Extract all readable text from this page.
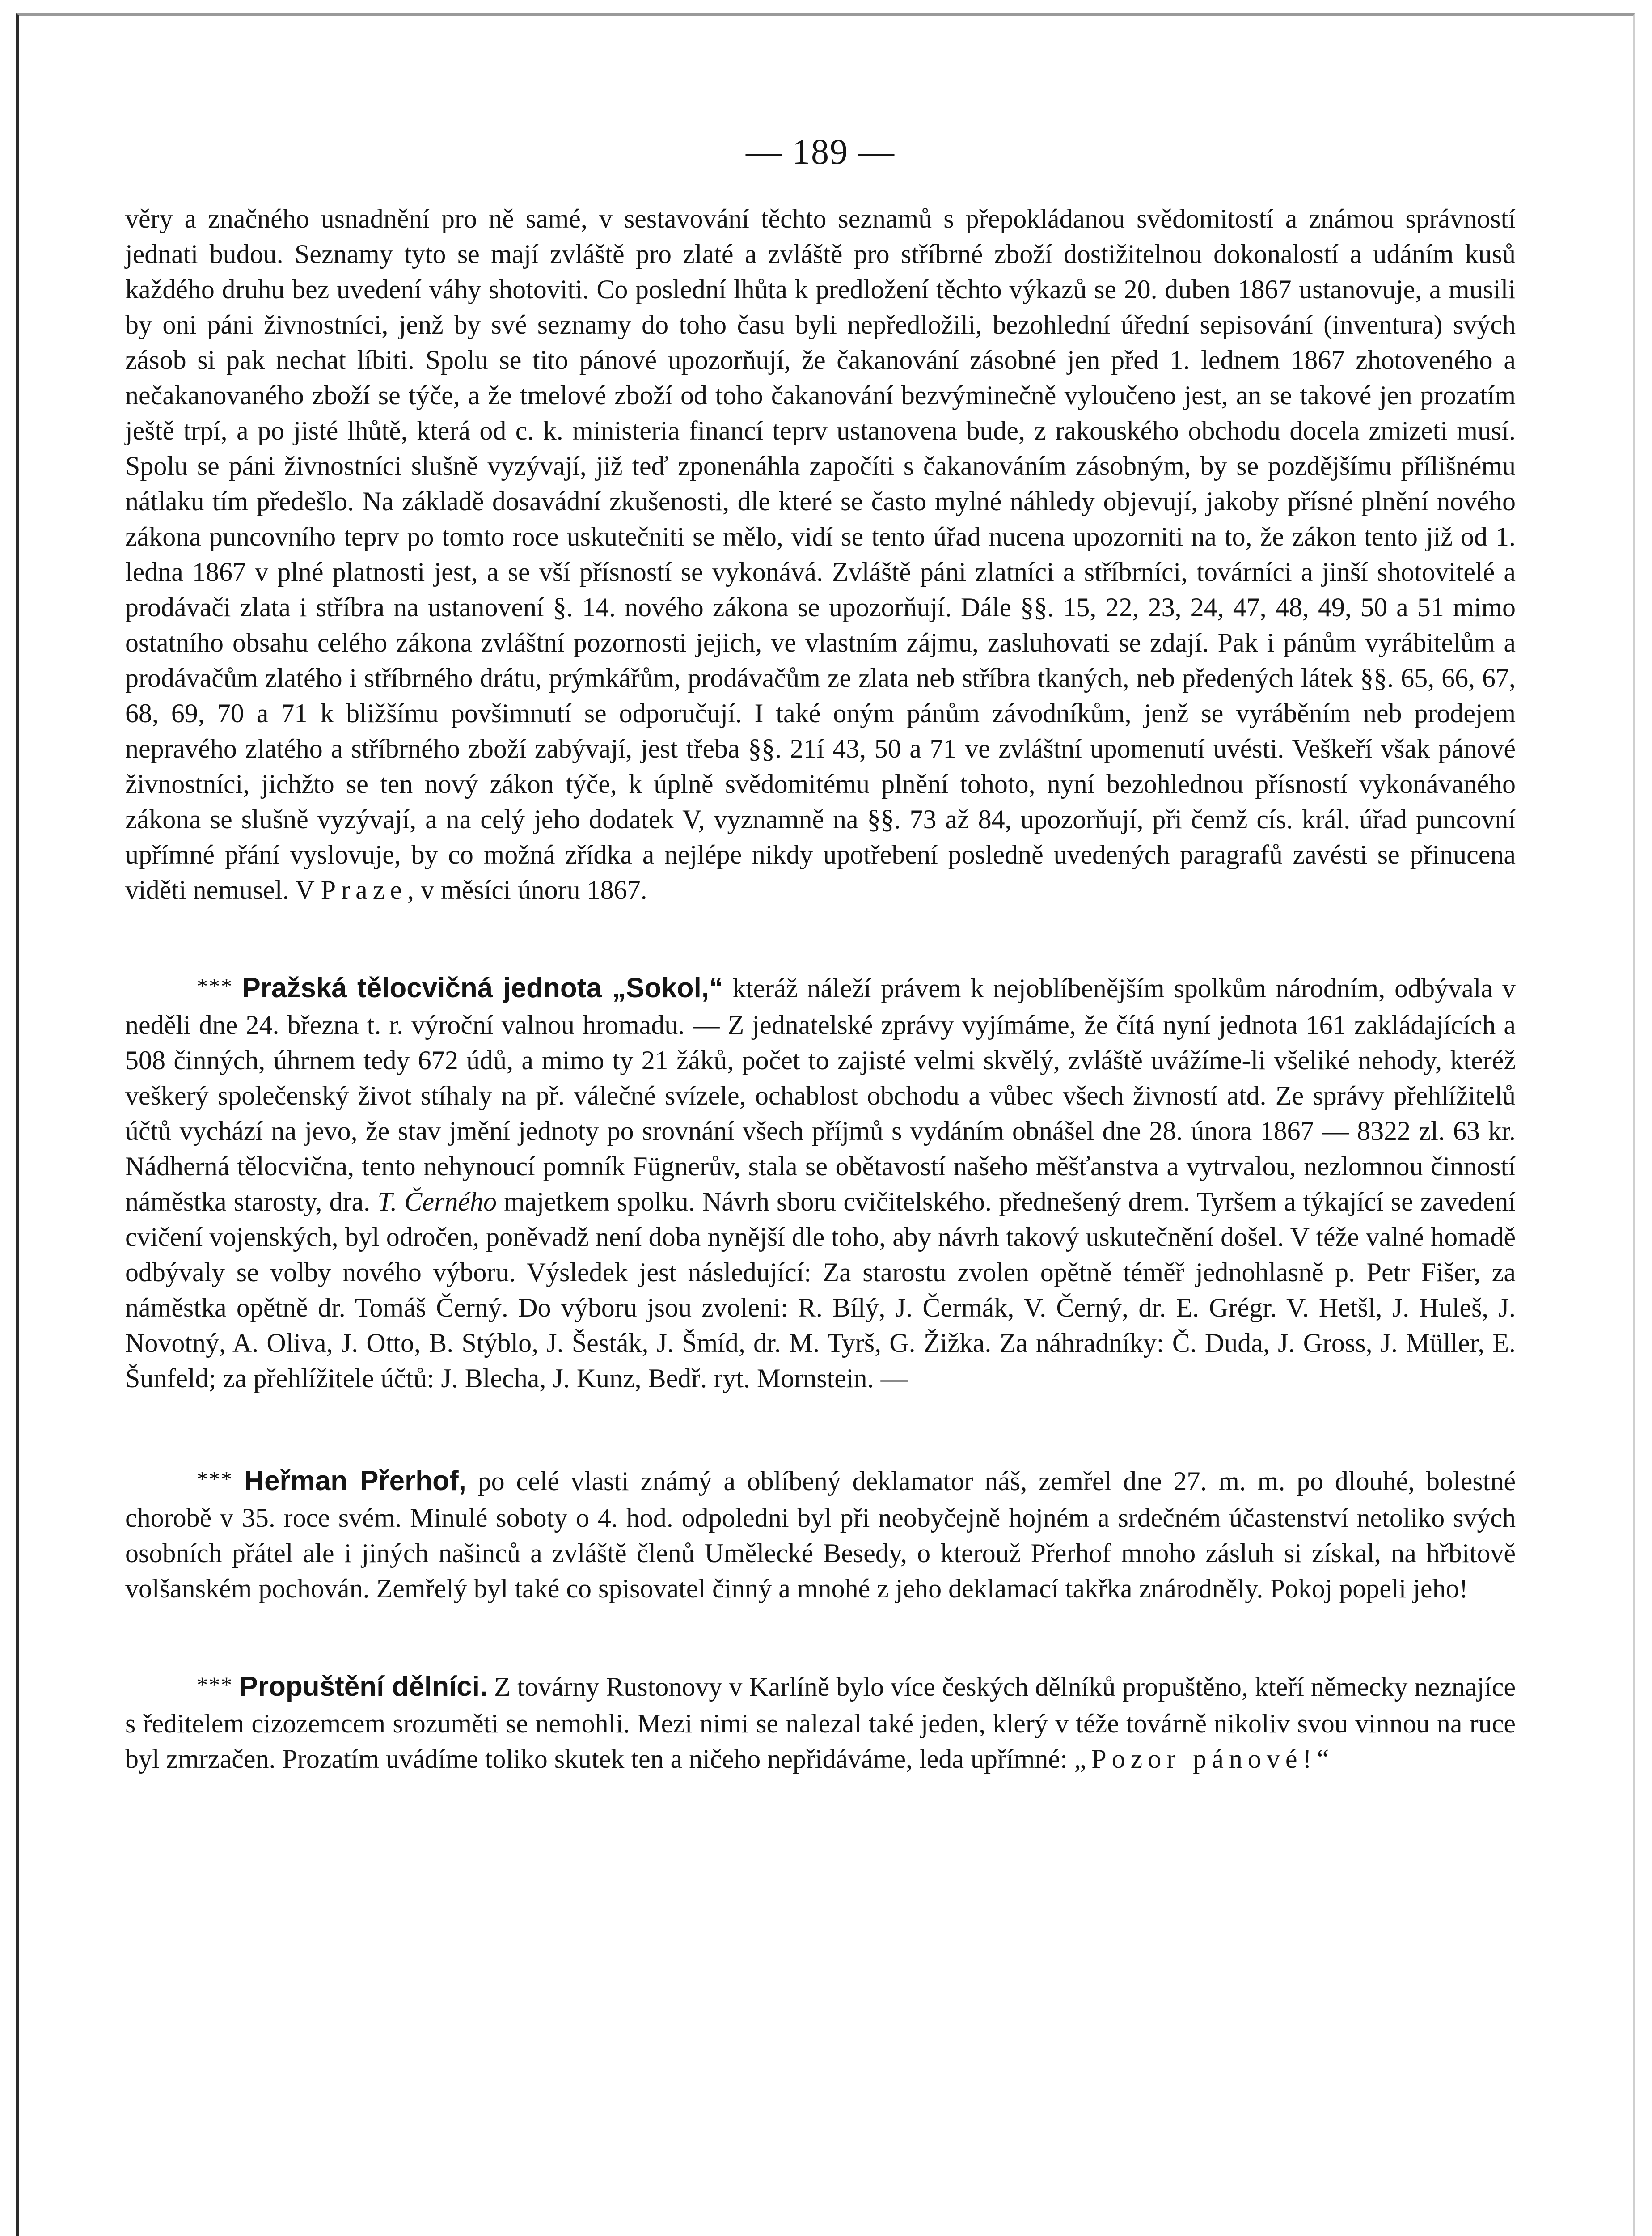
— 189 —

věry a značného usnadnění pro ně samé, v sestavování těchto seznamů s přepokládanou svědomitostí a známou správností jednati budou. Seznamy tyto se mají zvláště pro zlaté a zvláště pro stříbrné zboží dostižitelnou dokonalostí a udáním kusů každého druhu bez uvedení váhy shotoviti. Co poslední lhůta k predložení těchto výkazů se 20. duben 1867 ustanovuje, a musili by oni páni živnostníci, jenž by své seznamy do toho času byli nepředložili, bezohlední úřední sepisování (inventura) svých zásob si pak nechat líbiti. Spolu se tito pánové upozorňují, že čakanování zásobné jen před 1. lednem 1867 zhotoveného a nečakanovaného zboží se týče, a že tmelové zboží od toho čakanování bezvýminečně vyloučeno jest, an se takové jen prozatím ještě trpí, a po jisté lhůtě, která od c. k. ministeria financí teprv ustanovena bude, z rakouského obchodu docela zmizeti musí. Spolu se páni živnostníci slušně vyzývají, již teď zponenáhla započíti s čakanováním zásobným, by se pozdějšímu přílišnému nátlaku tím předešlo. Na základě dosavádní zkušenosti, dle které se často mylné náhledy objevují, jakoby přísné plnění nového zákona puncovního teprv po tomto roce uskutečniti se mělo, vidí se tento úřad nucena upozorniti na to, že zákon tento již od 1. ledna 1867 v plné platnosti jest, a se vší přísností se vykonává. Zvláště páni zlatníci a stříbrníci, továrníci a jinší shotovitelé a prodávači zlata i stříbra na ustanovení §. 14. nového zákona se upozorňují. Dále §§. 15, 22, 23, 24, 47, 48, 49, 50 a 51 mimo ostatního obsahu celého zákona zvláštní pozornosti jejich, ve vlastním zájmu, zasluhovati se zdají. Pak i pánům vyrábitelům a prodávačům zlatého i stříbrného drátu, prýmkářům, prodávačům ze zlata neb stříbra tkaných, neb předených látek §§. 65, 66, 67, 68, 69, 70 a 71 k bližšímu povšimnutí se odporučují. I také oným pánům závodníkům, jenž se vyráběním neb prodejem nepravého zlatého a stříbrného zboží zabývají, jest třeba §§. 21í 43, 50 a 71 ve zvláštní upomenutí uvésti. Veškeří však pánové živnostníci, jichžto se ten nový zákon týče, k úplně svědomitému plnění tohoto, nyní bezohlednou přísností vykonávaného zákona se slušně vyzývají, a na celý jeho dodatek V, vyznamně na §§. 73 až 84, upozorňují, při čemž cís. král. úřad puncovní upřímné přání vyslovuje, by co možná zřídka a nejlépe nikdy upotřebení posledně uvedených paragrafů zavésti se přinucena viděti nemusel. V Praze, v měsíci únoru 1867.

*** Pražská tělocvičná jednota „Sokol,“ kteráž náleží právem k nejoblíbenějším spolkům národním, odbývala v neděli dne 24. března t. r. výroční valnou hromadu. — Z jednatelské zprávy vyjímáme, že čítá nyní jednota 161 zakládajících a 508 činných, úhrnem tedy 672 údů, a mimo ty 21 žáků, počet to zajisté velmi skvělý, zvláště uvážíme-li všeliké nehody, kteréž veškerý společenský život stíhaly na př. válečné svízele, ochablost obchodu a vůbec všech živností atd. Ze správy přehlížitelů účtů vychází na jevo, že stav jmění jednoty po srovnání všech příjmů s vydáním obnášel dne 28. února 1867 — 8322 zl. 63 kr. Nádherná tělocvična, tento nehynoucí pomník Fügnerův, stala se obětavostí našeho měšťanstva a vytrvalou, nezlomnou činností náměstka starosty, dra. T. Černého majetkem spolku. Návrh sboru cvičitelského. přednešený drem. Tyršem a týkající se zavedení cvičení vojenských, byl odročen, poněvadž není doba nynější dle toho, aby návrh takový uskutečnění došel. V téže valné homadě odbývaly se volby nového výboru. Výsledek jest následující: Za starostu zvolen opětně téměř jednohlasně p. Petr Fišer, za náměstka opětně dr. Tomáš Černý. Do výboru jsou zvoleni: R. Bílý, J. Čermák, V. Černý, dr. E. Grégr. V. Hetšl, J. Huleš, J. Novotný, A. Oliva, J. Otto, B. Stýblo, J. Šesták, J. Šmíd, dr. M. Tyrš, G. Žižka. Za náhradníky: Č. Duda, J. Gross, J. Müller, E. Šunfeld; za přehlížitele účtů: J. Blecha, J. Kunz, Bedř. ryt. Mornstein. —

*** Heřman Přerhof, po celé vlasti známý a oblíbený deklamator náš, zemřel dne 27. m. m. po dlouhé, bolestné chorobě v 35. roce svém. Minulé soboty o 4. hod. odpoledni byl při neobyčejně hojném a srdečném účastenství netoliko svých osobních přátel ale i jiných našinců a zvláště členů Umělecké Besedy, o kterouž Přerhof mnoho zásluh si získal, na hřbitově volšanském pochován. Zemřelý byl také co spisovatel činný a mnohé z jeho deklamací takřka znárodněly. Pokoj popeli jeho!

*** Propuštění dělníci. Z továrny Rustonovy v Karlíně bylo více českých dělníků propuštěno, kteří německy neznajíce s ředitelem cizozemcem srozuměti se nemohli. Mezi nimi se nalezal také jeden, klerý v téže továrně nikoliv svou vinnou na ruce byl zmrzačen. Prozatím uvádíme toliko skutek ten a ničeho nepřidáváme, leda upřímné: „Pozor pánové!“
